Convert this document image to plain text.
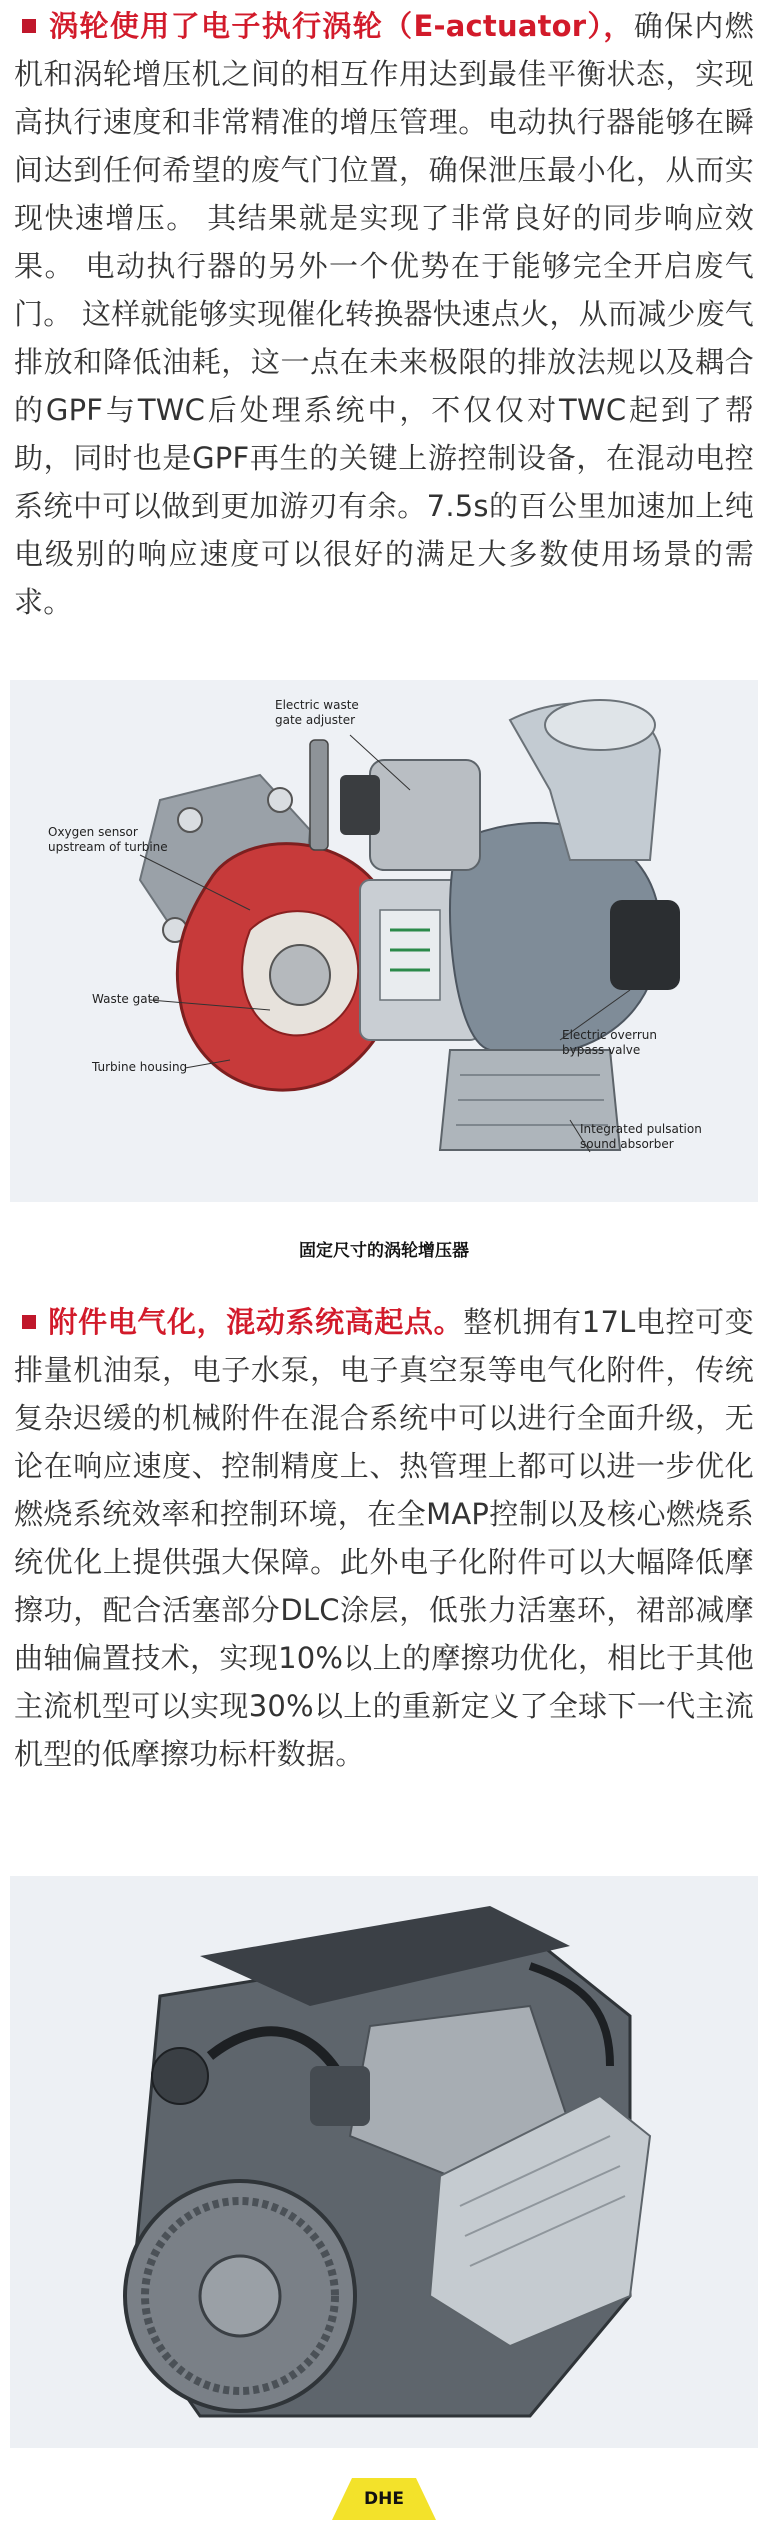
涡轮使用了电子执行涡轮（E-actuator），确保内燃机和涡轮增压机之间的相互作用达到最佳平衡状态，实现高执行速度和非常精准的增压管理。电动执行器能够在瞬间达到任何希望的废气门位置，确保泄压最小化，从而实现快速增压。 其结果就是实现了非常良好的同步响应效果。 电动执行器的另外一个优势在于能够完全开启废气门。 这样就能够实现催化转换器快速点火，从而减少废气排放和降低油耗，这一点在未来极限的排放法规以及耦合的GPF与TWC后处理系统中，不仅仅对TWC起到了帮助，同时也是GPF再生的关键上游控制设备，在混动电控系统中可以做到更加游刃有余。7.5s的百公里加速加上纯电级别的响应速度可以很好的满足大多数使用场景的需求。
Electric waste
gate adjuster
Oxygen sensor
upstream of turbine
Waste gate
Turbine housing
Electric overrun
bypass valve
Integrated pulsation
sound absorber
固定尺寸的涡轮增压器
附件电气化，混动系统高起点。整机拥有17L电控可变排量机油泵，电子水泵，电子真空泵等电气化附件，传统复杂迟缓的机械附件在混合系统中可以进行全面升级，无论在响应速度、控制精度上、热管理上都可以进一步优化燃烧系统效率和控制环境，在全MAP控制以及核心燃烧系统优化上提供强大保障。此外电子化附件可以大幅降低摩擦功，配合活塞部分DLC涂层，低张力活塞环，裙部减摩曲轴偏置技术，实现10%以上的摩擦功优化，相比于其他主流机型可以实现30%以上的重新定义了全球下一代主流机型的低摩擦功标杆数据。
DHE
